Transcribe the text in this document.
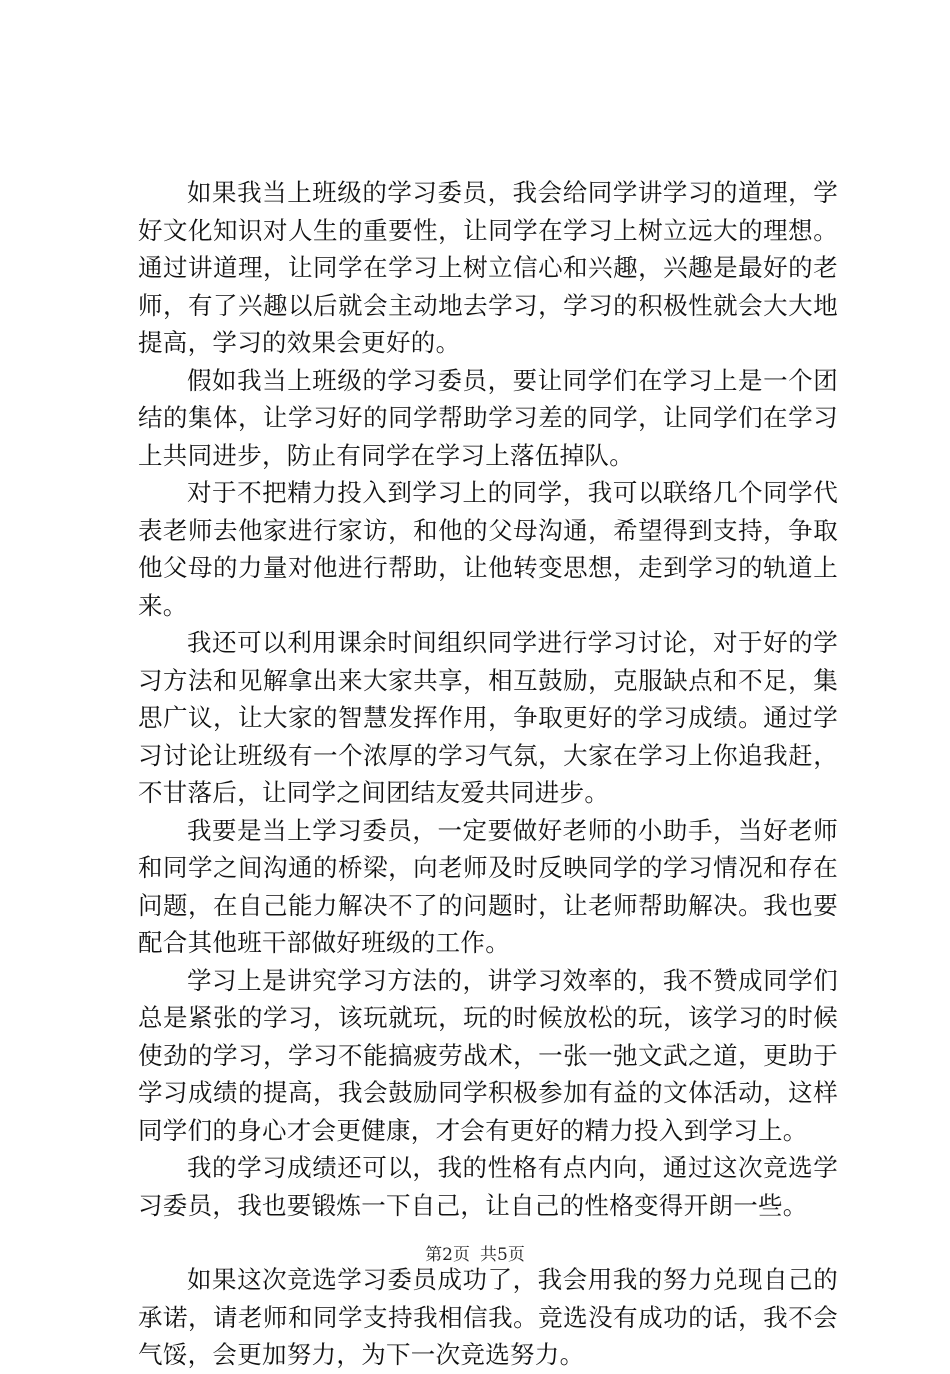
如果我当上班级的学习委员，我会给同学讲学习的道理，学好文化知识对人生的重要性，让同学在学习上树立远大的理想。通过讲道理，让同学在学习上树立信心和兴趣，兴趣是最好的老师，有了兴趣以后就会主动地去学习，学习的积极性就会大大地提高，学习的效果会更好的。

假如我当上班级的学习委员，要让同学们在学习上是一个团结的集体，让学习好的同学帮助学习差的同学，让同学们在学习上共同进步，防止有同学在学习上落伍掉队。

对于不把精力投入到学习上的同学，我可以联络几个同学代表老师去他家进行家访，和他的父母沟通，希望得到支持，争取他父母的力量对他进行帮助，让他转变思想，走到学习的轨道上来。

我还可以利用课余时间组织同学进行学习讨论，对于好的学习方法和见解拿出来大家共享，相互鼓励，克服缺点和不足，集思广议，让大家的智慧发挥作用，争取更好的学习成绩。通过学习讨论让班级有一个浓厚的学习气氛，大家在学习上你追我赶，不甘落后，让同学之间团结友爱共同进步。

我要是当上学习委员，一定要做好老师的小助手，当好老师和同学之间沟通的桥梁，向老师及时反映同学的学习情况和存在问题，在自己能力解决不了的问题时，让老师帮助解决。我也要配合其他班干部做好班级的工作。

学习上是讲究学习方法的，讲学习效率的，我不赞成同学们总是紧张的学习，该玩就玩，玩的时候放松的玩，该学习的时候使劲的学习，学习不能搞疲劳战术，一张一弛文武之道，更助于学习成绩的提高，我会鼓励同学积极参加有益的文体活动，这样同学们的身心才会更健康，才会有更好的精力投入到学习上。

我的学习成绩还可以，我的性格有点内向，通过这次竞选学习委员，我也要锻炼一下自己，让自己的性格变得开朗一些。

如果这次竞选学习委员成功了，我会用我的努力兑现自己的承诺，请老师和同学支持我相信我。竞选没有成功的话，我不会气馁，会更加努力，为下一次竞选努力。

第2页 共5页
